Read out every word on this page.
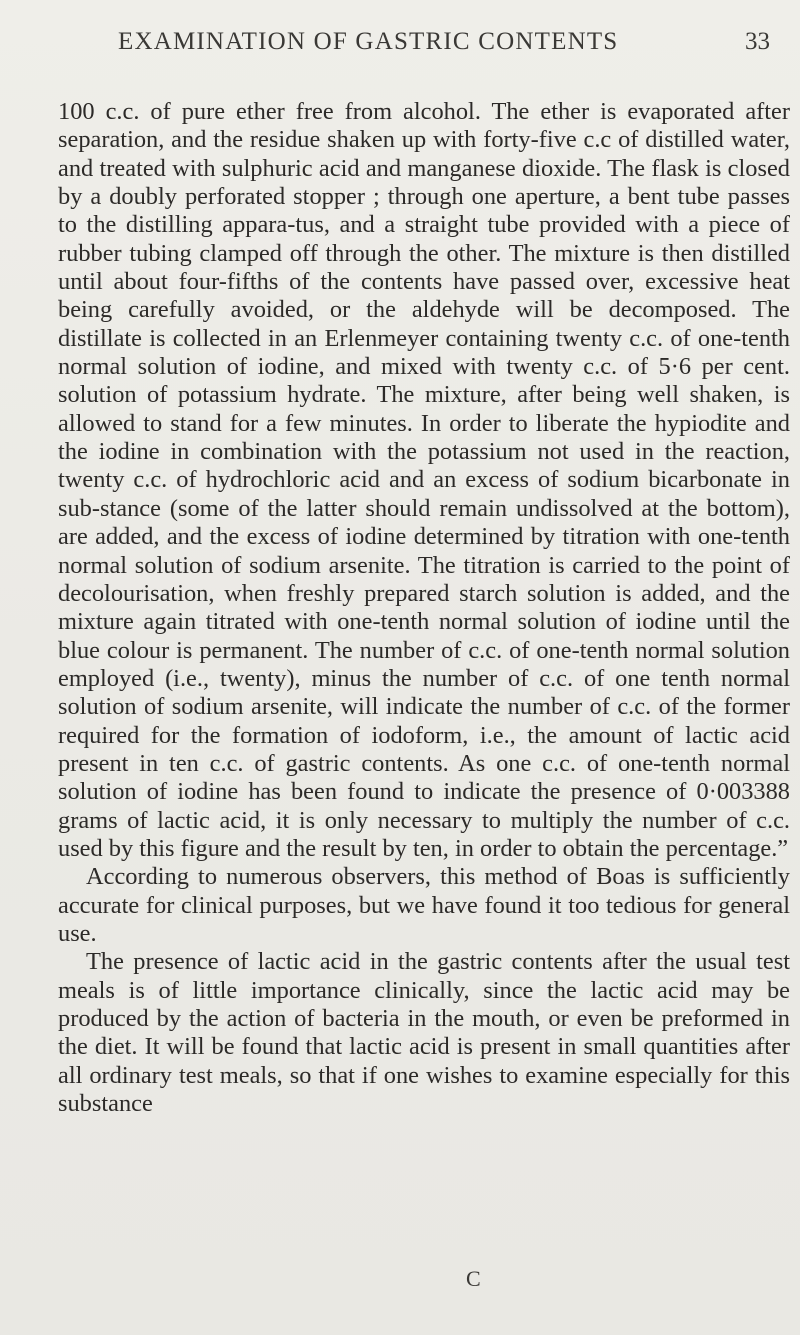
EXAMINATION OF GASTRIC CONTENTS	33

100 c.c. of pure ether free from alcohol. The ether is evaporated after separation, and the residue shaken up with forty-five c.c of distilled water, and treated with sulphuric acid and manganese dioxide. The flask is closed by a doubly perforated stopper ; through one aperture, a bent tube passes to the distilling appara-tus, and a straight tube provided with a piece of rubber tubing clamped off through the other. The mixture is then distilled until about four-fifths of the contents have passed over, excessive heat being carefully avoided, or the aldehyde will be decomposed. The distillate is collected in an Erlenmeyer containing twenty c.c. of one-tenth normal solution of iodine, and mixed with twenty c.c. of 5·6 per cent. solution of potassium hydrate. The mixture, after being well shaken, is allowed to stand for a few minutes. In order to liberate the hypiodite and the iodine in combination with the potassium not used in the reaction, twenty c.c. of hydrochloric acid and an excess of sodium bicarbonate in sub-stance (some of the latter should remain undissolved at the bottom), are added, and the excess of iodine determined by titration with one-tenth normal solution of sodium arsenite. The titration is carried to the point of decolourisation, when freshly prepared starch solution is added, and the mixture again titrated with one-tenth normal solution of iodine until the blue colour is permanent. The number of c.c. of one-tenth normal solution employed (i.e., twenty), minus the number of c.c. of one tenth normal solution of sodium arsenite, will indicate the number of c.c. of the former required for the formation of iodoform, i.e., the amount of lactic acid present in ten c.c. of gastric contents. As one c.c. of one-tenth normal solution of iodine has been found to indicate the presence of 0·003388 grams of lactic acid, it is only necessary to multiply the number of c.c. used by this figure and the result by ten, in order to obtain the percentage.”

According to numerous observers, this method of Boas is sufficiently accurate for clinical purposes, but we have found it too tedious for general use.

The presence of lactic acid in the gastric contents after the usual test meals is of little importance clinically, since the lactic acid may be produced by the action of bacteria in the mouth, or even be preformed in the diet. It will be found that lactic acid is present in small quantities after all ordinary test meals, so that if one wishes to examine especially for this substance

C
